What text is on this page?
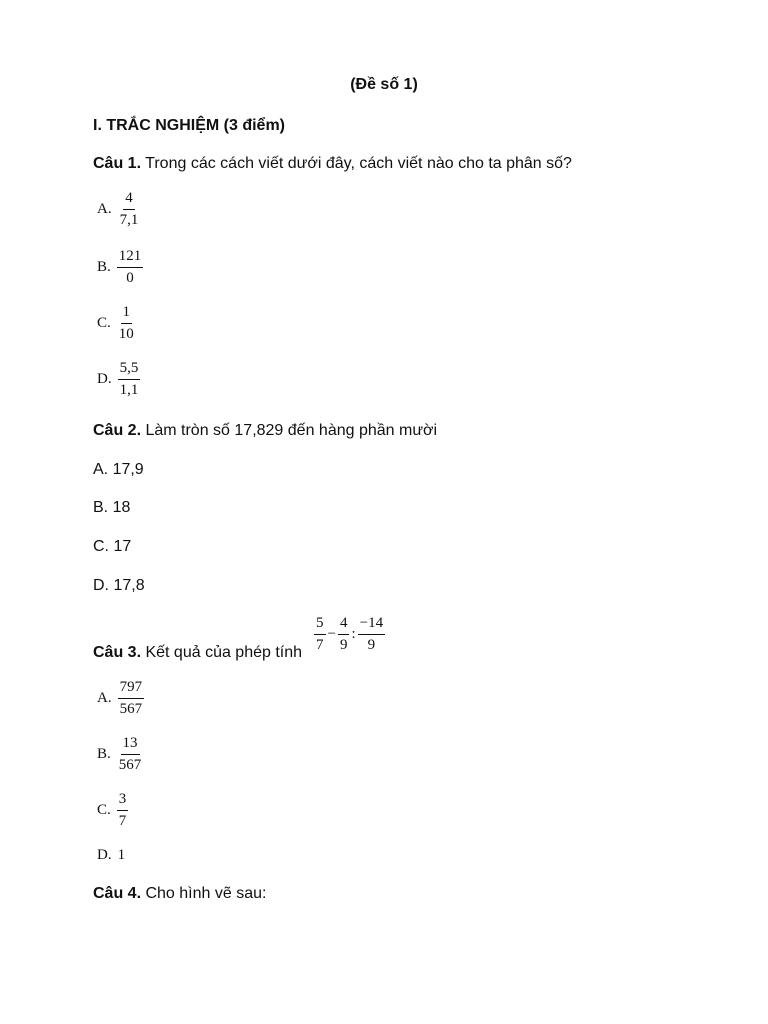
(Đề số 1)
I. TRẮC NGHIỆM (3 điểm)
Câu 1. Trong các cách viết dưới đây, cách viết nào cho ta phân số?
A. $\frac{4}{7,1}$
B. $\frac{121}{0}$
C. $\frac{1}{10}$
D. $\frac{5,5}{1,1}$
Câu 2. Làm tròn số 17,829 đến hàng phần mười
A. 17,9
B. 18
C. 17
D. 17,8
$\frac{5}{7} - \frac{4}{9}$ : $\frac{-14}{9}$
Câu 3. Kết quả của phép tính
A. $\frac{797}{567}$
B. $\frac{13}{567}$
C. $\frac{3}{7}$
D. 1
Câu 4. Cho hình vẽ sau:
